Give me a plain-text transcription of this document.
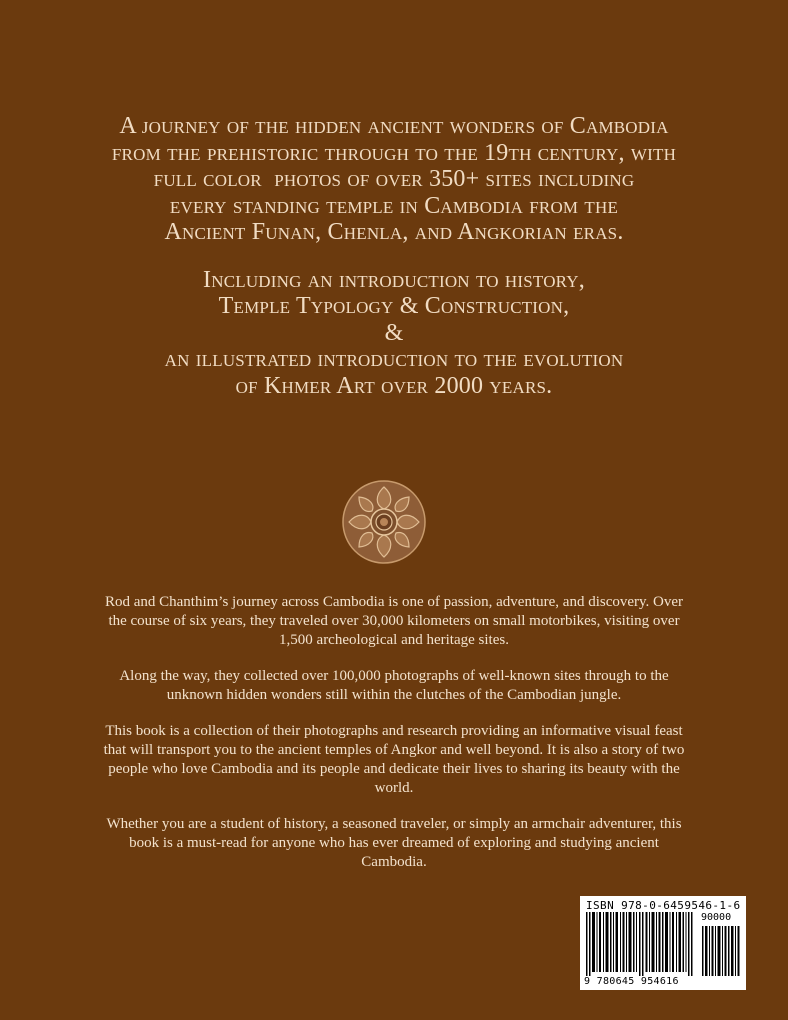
A journey of the hidden ancient wonders of Cambodia

from the prehistoric through to the 19th century, with

full color  photos of over 350+ sites including

every standing temple in Cambodia from the

Ancient Funan, Chenla, and Angkorian eras.

Including an introduction to history,

Temple Typology & Construction,

&

an illustrated introduction to the evolution

of Khmer Art over 2000 years.

Rod and Chanthim’s journey across Cambodia is one of passion, adventure, and discovery. Over the course of six years, they traveled over 30,000 kilometers on small motorbikes, visiting over 1,500 archeological and heritage sites.

Along the way, they collected over 100,000 photographs of well-known sites through to the unknown hidden wonders still within the clutches of the Cambodian jungle.

This book is a collection of their photographs and research providing an informative visual feast that will transport you to the ancient temples of Angkor and well beyond. It is also a story of two people who love Cambodia and its people and dedicate their lives to sharing its beauty with the world.

Whether you are a student of history, a seasoned traveler, or simply an armchair adventurer, this book is a must-read for anyone who has ever dreamed of exploring and studying ancient Cambodia.

ISBN 978-0-6459546-1-6
90000
9 780645 954616
